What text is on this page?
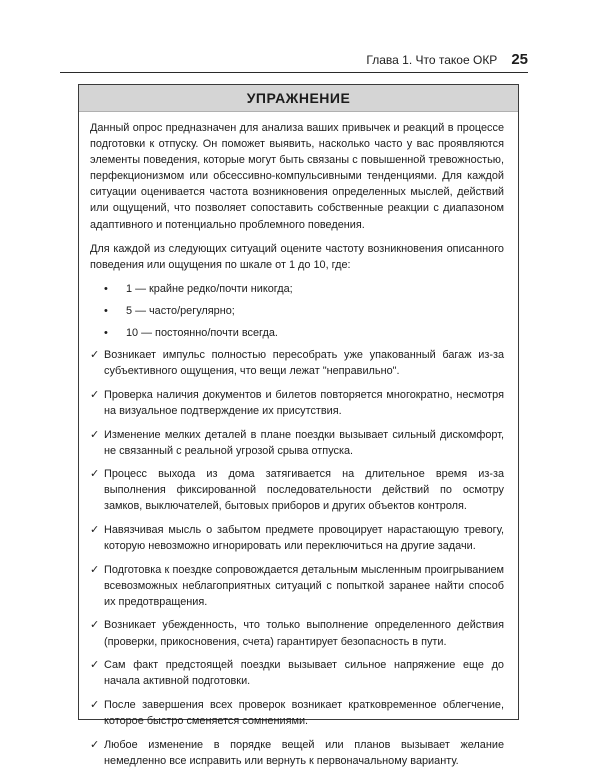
Глава 1. Что такое ОКР 25
УПРАЖНЕНИЕ

Данный опрос предназначен для анализа ваших привычек и реакций в процессе подготовки к отпуску. Он поможет выявить, насколько часто у вас проявляются элементы поведения, которые могут быть связаны с повышенной тревожностью, перфекционизмом или обсессивно-компульсивными тенденциями. Для каждой ситуации оценивается частота возникновения определенных мыслей, действий или ощущений, что позволяет сопоставить собственные реакции с диапазоном адаптивного и потенциально проблемного поведения.

Для каждой из следующих ситуаций оцените частоту возникновения описанного поведения или ощущения по шкале от 1 до 10, где:

•	1 — крайне редко/почти никогда;
•	5 — часто/регулярно;
•	10 — постоянно/почти всегда.
✓ Возникает импульс полностью пересобрать уже упакованный багаж из-за субъективного ощущения, что вещи лежат "неправильно".
✓ Проверка наличия документов и билетов повторяется многократно, несмотря на визуальное подтверждение их присутствия.
✓ Изменение мелких деталей в плане поездки вызывает сильный дискомфорт, не связанный с реальной угрозой срыва отпуска.
✓ Процесс выхода из дома затягивается на длительное время из-за выполнения фиксированной последовательности действий по осмотру замков, выключателей, бытовых приборов и других объектов контроля.
✓ Навязчивая мысль о забытом предмете провоцирует нарастающую тревогу, которую невозможно игнорировать или переключиться на другие задачи.
✓ Подготовка к поездке сопровождается детальным мысленным проигрыванием всевозможных неблагоприятных ситуаций с попыткой заранее найти способ их предотвращения.
✓ Возникает убежденность, что только выполнение определенного действия (проверки, прикосновения, счета) гарантирует безопасность в пути.
✓ Сам факт предстоящей поездки вызывает сильное напряжение еще до начала активной подготовки.
✓ После завершения всех проверок возникает кратковременное облегчение, которое быстро сменяется сомнениями.
✓ Любое изменение в порядке вещей или планов вызывает желание немедленно все исправить или вернуть к первоначальному варианту.
